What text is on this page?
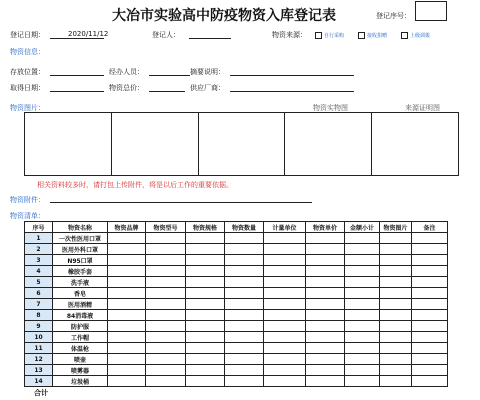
大冶市实验高中防疫物资入库登记表	登记序号：
登记日期：	2020/11/12	登记人：	物资来源：	自行采购	接收捐赠	上级调拨
物资信息：
存放位置：	经办人员：	摘要说明：
取得日期：	物资总价：	供应厂商：
物资图片：	物资实物图	来源证明图
相关资料较多时，请打包上传附件，将是以后工作的重要依据。
物资附件：
物资清单：
序号	物资名称	物资品牌	物资型号	物资规格	物资数量	计量单位	物资单价	金额小计	物资图片	备注
1	一次性医用口罩									
2	医用外科口罩									
3	N95口罩									
4	橡胶手套									
5	洗手液									
6	香皂									
7	医用酒精									
8	84消毒液									
9	防护服									
10	工作帽									
11	体温枪									
12	喷壶									
13	喷雾器									
14	垃圾桶									
合计
